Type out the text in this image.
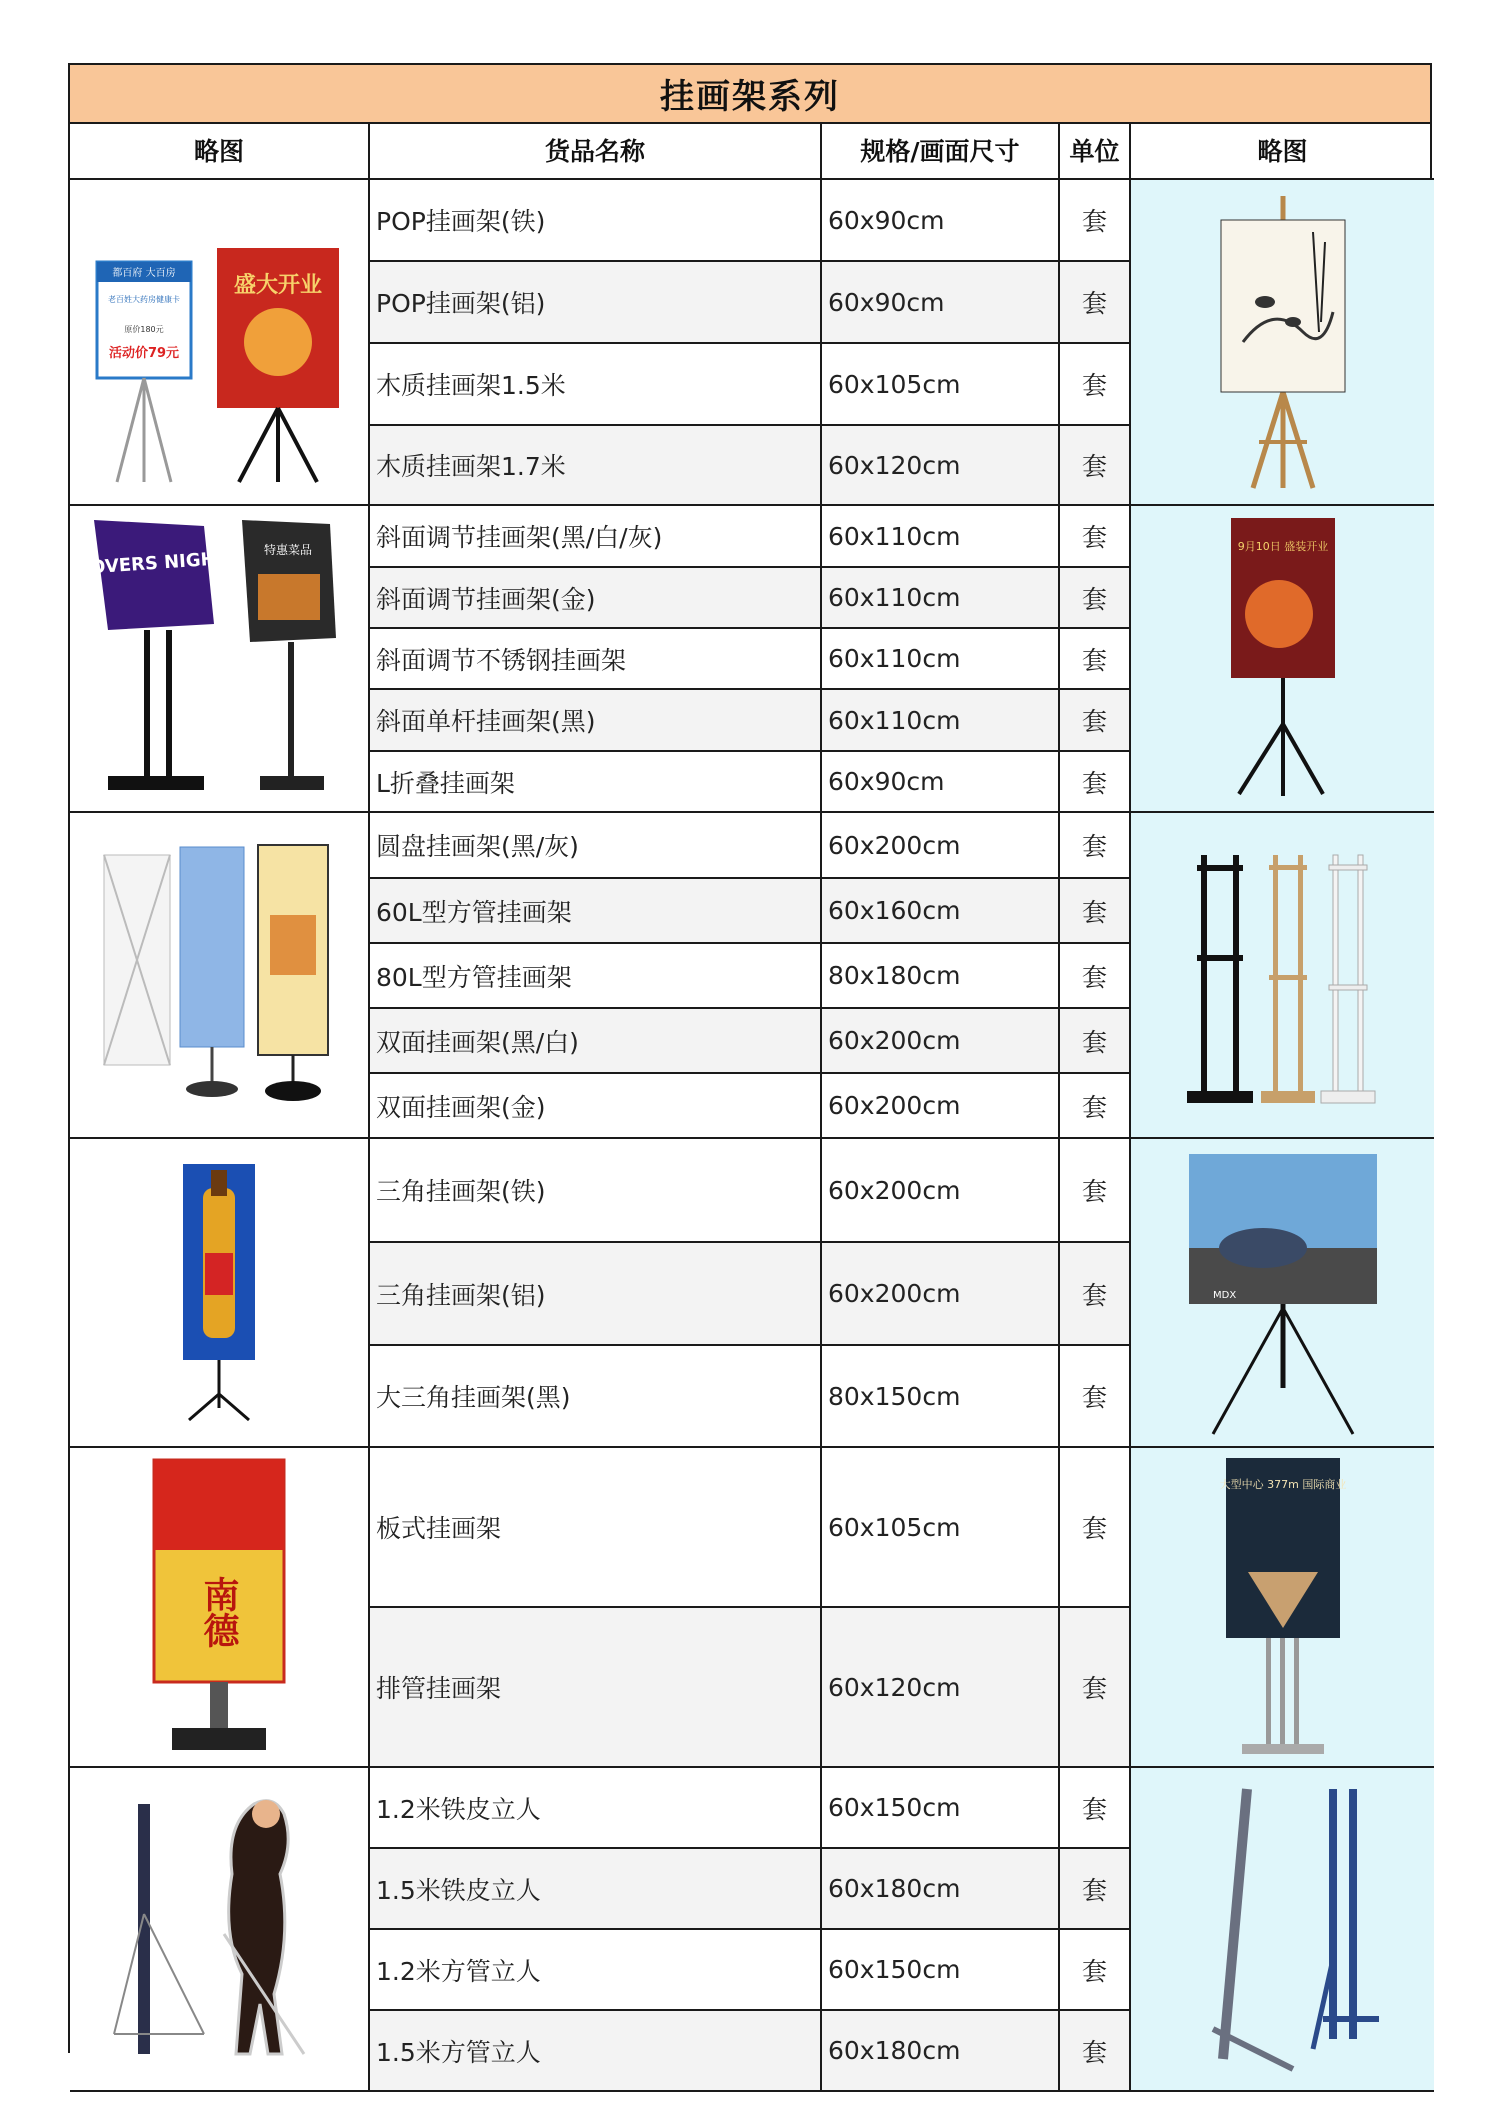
挂画架系列
略图	货品名称	规格/画面尺寸	单位	略图
都百府 大百房
老百姓大药房健康卡
原价180元
活动价79元
盛大开业
POP挂画架(铁)	60x90cm	套
POP挂画架(铝)	60x90cm	套
木质挂画架1.5米	60x105cm	套
木质挂画架1.7米	60x120cm	套
LOVERS NIGHT	特惠菜品	9月10日 盛装开业
斜面调节挂画架(黑/白/灰)	60x110cm	套
斜面调节挂画架(金)	60x110cm	套
斜面调节不锈钢挂画架	60x110cm	套
斜面单杆挂画架(黑)	60x110cm	套
L折叠挂画架	60x90cm	套
圆盘挂画架(黑/灰)	60x200cm	套
60L型方管挂画架	60x160cm	套
80L型方管挂画架	80x180cm	套
双面挂画架(黑/白)	60x200cm	套
双面挂画架(金)	60x200cm	套
MDX
三角挂画架(铁)	60x200cm	套
三角挂画架(铝)	60x200cm	套
大三角挂画架(黑)	80x150cm	套
南德
大型中心 377m 国际商业
板式挂画架	60x105cm	套
排管挂画架	60x120cm	套
1.2米铁皮立人	60x150cm	套
1.5米铁皮立人	60x180cm	套
1.2米方管立人	60x150cm	套
1.5米方管立人	60x180cm	套
